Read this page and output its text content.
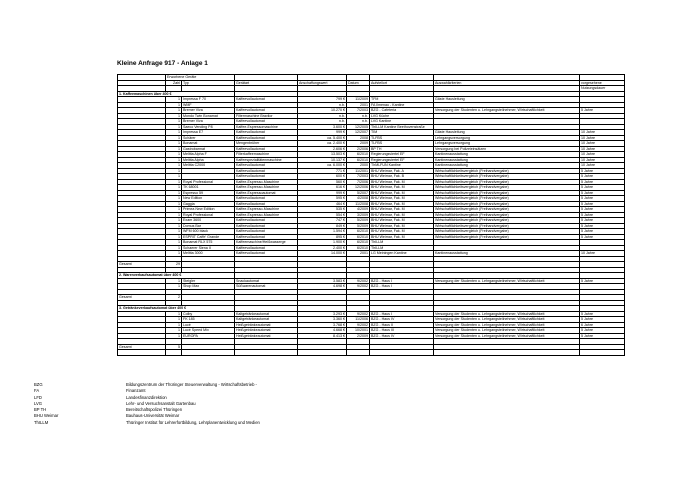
Kleine Anfrage 917 - Anlage 1
	Erworbene Geräte							
	Zahl	Typ	Gerätart	Anschaffungswert	Datum	Aufstellort	Auswahlkriterien	vorgesehene
								Nutzungsdauer
1. Kaffeemaschinen über 400 €								
	1	Impressa F 70	Kaffeevollautomat	799 €	11/2009	TFM	Gäste Hausleitung	
	1	WMF		n.b.	2001	FA Ilmenau - Kantine		
	1	Bremer Viva	Kaffeevollautomat	10.270 €	7/2003	BZG - Cafeteria	Versorgung der Studenten u. Lehrgangsteilnehmer, Wirtschaftlichkeit	5 Jahre
	1	Mondo Twin Bonamat	Filtermaschine Bravilor	n.b.	n.b.	LVG Küche		
	1	Bremer Viva	Kaffeevollautomat	n.b.	n.b.	LVG Kantine		
	1	Saeco Vending P8	Kaffee-Espressomaschine	3.600 €	12/2005	ThILLM Kantine Beethovenstraße		
	1	Impressa E7	Kaffeevollautomat	999 €	12/2007	TIM	Gäste Hausleitung	10 Jahre
	1	Schärer	Kaffeevollautomat	ca. 5.400 €	2008	TLFBS	Lehrgangsversorgung	10 Jahre
	1	Bonamat	Mengenbrüher	ca. 2.400 €	2009	TLFBS	Lehrgangsversorgung	10 Jahre
	1	Gastrobarmat	Kaffeevollautomat	2.606 €	2/2006	BP TH	Versorgung bei Polizeieinsätzen	10 Jahre
	1	Melitta Alpha F	Filterkaffeemaschine	13.503 €	6/2010	Regierungsviertel EF	Kantinenausstattung	10 Jahre
	1	Melitta Alpha	Kaffeespezialitätenmaschine	10.137 €	6/2010	Regierungsviertel EF	Kantinenausstattung	10 Jahre
	1	Melitta C2000	Kaffeevollautomat	ca. 6.000 €	2000	ThMLFUN Kantine	Kantinenausstattung	10 Jahre
	1		Kaffeevollautomat	771 €	11/2001	BHU Weimar, Fak. A	Wirtschaftlichkeitsvergleich (Freihandvergabe)	5 Jahre
	1		Kaffeevollautomat	600 €	7/2003	BHU Weimar, Fak. B	Wirtschaftlichkeitsvergleich (Freihandvergabe)	5 Jahre
	1	Royal Professional	Kaffee-Espresso-Maschine	560 €	7/2006	BHU Weimar, Fak. M	Wirtschaftlichkeitsvergleich (Freihandvergabe)	5 Jahre
	1	TK 68001	Kaffee-Espresso-Maschine	616 €	12/2006	BHU Weimar, Fak. M	Wirtschaftlichkeitsvergleich (Freihandvergabe)	5 Jahre
	1	Espresso 59	Kaffee-Espressoautomat	999 €	5/2007	BHU Weimar, Fak. M	Wirtschaftlichkeitsvergleich (Freihandvergabe)	5 Jahre
	1	New Edition	Kaffeevollautomat	595 €	4/2008	BHU Weimar, Fak. M	Wirtschaftlichkeitsvergleich (Freihandvergabe)	5 Jahre
	1	Gaggia	Kaffeevollautomat	464 €	11/2008	BHU Weimar, Fak. M	Wirtschaftlichkeitsvergleich (Freihandvergabe)	5 Jahre
	1	Primea New Edition	Kaffee-Espresso-Maschine	535 €	4/2009	BHU Weimar, Fak. M	Wirtschaftlichkeitsvergleich (Freihandvergabe)	5 Jahre
	1	Royal Professional	Kaffee-Espresso-Maschine	554 €	3/2009	BHU Weimar, Fak. M	Wirtschaftlichkeitsvergleich (Freihandvergabe)	5 Jahre
	1	Exam 3600	Kaffeevollautomat	747 €	5/2009	BHU Weimar, Fak. M	Wirtschaftlichkeitsvergleich (Freihandvergabe)	5 Jahre
	1	Domus Bar	Kaffeevollautomat	849 €	5/2009	BHU Weimar, Fak. M	Wirtschaftlichkeitsvergleich (Freihandvergabe)	5 Jahre
	1	WFM 600 black	Kaffeevollautomat	1.594 €	6/2010	BHU Weimar, Fak. M	Wirtschaftlichkeitsvergleich (Freihandvergabe)	5 Jahre
	1	ESPRIT Caffe' Grande	Kaffeevollautomat	895 €	6/2010	BHU Weimar, Fak. M	Wirtschaftlichkeitsvergleich (Freihandvergabe)	5 Jahre
	1	Bonamat RLX 575	Kaffeemaschine/Heißwasserge	1.900 €	6/2010	ThILLM		
	1	Schaerer Siena II	Kaffeevollautomat	2.400 €	6/2010	ThILLM		
	1	Melitta 3000	Kaffeevollautomat	14.000 €	2001	LG Meiningen Kantine	Kantinenausstattung	10 Jahre

Gesamt	29							

2. Warenverkaufsautomat über 400 €								
	1	Steigler	Snackautomat	3.583 €	9/2002	BZG - Haus I	Versorgung der Studenten u. Lehrgangsteilnehmer, Wirtschaftlichkeit	5 Jahre
	1	Shop Max	Süßwarenautomat	4.698 €	9/2002	BZG - Haus I		

Gesamt	2							

3. Getränkeverkaufsautomat über 400 €								
	1	Colby	Kaltgetränkeautomat	3.293 €	9/2002	BZG - Haus I	Versorgung der Studenten u. Lehrgangsteilnehmer, Wirtschaftlichkeit	5 Jahre
	1	FK 185	Kaltgetränkeautomat	3.360 €	11/2006	BZG - Haus IV	Versorgung der Studenten u. Lehrgangsteilnehmer, Wirtschaftlichkeit	5 Jahre
	1	Lucé	Heißgetränkeautomat	3.768 €	9/2002	BZG - Haus II	Versorgung der Studenten u. Lehrgangsteilnehmer, Wirtschaftlichkeit	6 Jahre
	1	Lucé Speed Mix	Heißgetränkeautomat	4.668 €	10/2001	BZG - Haus III	Versorgung der Studenten u. Lehrgangsteilnehmer, Wirtschaftlichkeit	5 Jahre
	1	EUROPA	Heißgetränkeautomat	8.413 €	2/2009	BZG - Haus IV	Versorgung der Studenten u. Lehrgangsteilnehmer, Wirtschaftlichkeit	5 Jahre

Gesamt	5							

BZG	Bildungszentrum der Thüringer Steuerverwaltung - Wirtschaftsbetrieb -
FA	Finanzamt
LFD	Landesfinanzdirektion
LVG	Lehr- und Versuchsanstalt Gartenbau
BP TH	Bereitschaftspolizei Thüringen
BHU Weimar	Bauhaus-Universität Weimar
ThILLM	Thüringer Institut für Lehrerfortbildung, Lehrplanentwicklung und Medien
